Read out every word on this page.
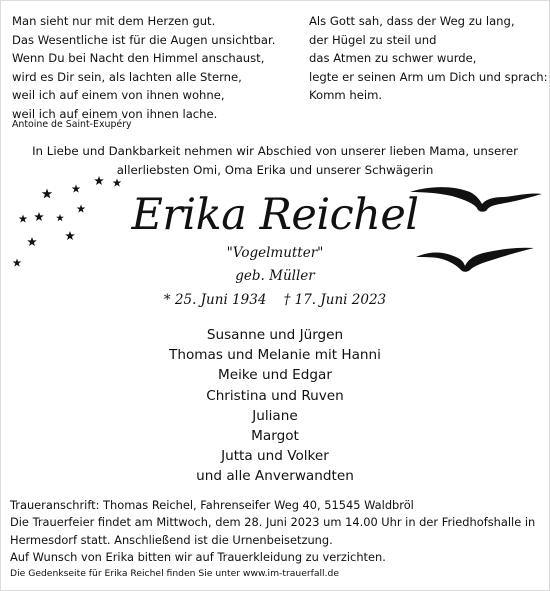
Man sieht nur mit dem Herzen gut.
Das Wesentliche ist für die Augen unsichtbar.
Wenn Du bei Nacht den Himmel anschaust,
wird es Dir sein, als lachten alle Sterne,
weil ich auf einem von ihnen wohne,
weil ich auf einem von ihnen lache.
Antoine de Saint-Exupéry
Als Gott sah, dass der Weg zu lang,
der Hügel zu steil und
das Atmen zu schwer wurde,
legte er seinen Arm um Dich und sprach:
Komm heim.
In Liebe und Dankbarkeit nehmen wir Abschied von unserer lieben Mama, unserer
allerliebsten Omi, Oma Erika und unserer Schwägerin
Erika Reichel
"Vogelmutter"
geb. Müller
* 25. Juni 1934    † 17. Juni 2023
Susanne und Jürgen
Thomas und Melanie mit Hanni
Meike und Edgar
Christina und Ruven
Juliane
Margot
Jutta und Volker
und alle Anverwandten
Traueranschrift: Thomas Reichel, Fahrenseifer Weg 40, 51545 Waldbröl
Die Trauerfeier findet am Mittwoch, dem 28. Juni 2023 um 14.00 Uhr in der Friedhofshalle in
Hermesdorf statt. Anschließend ist die Urnenbeisetzung.
Auf Wunsch von Erika bitten wir auf Trauerkleidung zu verzichten.
Die Gedenkseite für Erika Reichel finden Sie unter www.im-trauerfall.de
